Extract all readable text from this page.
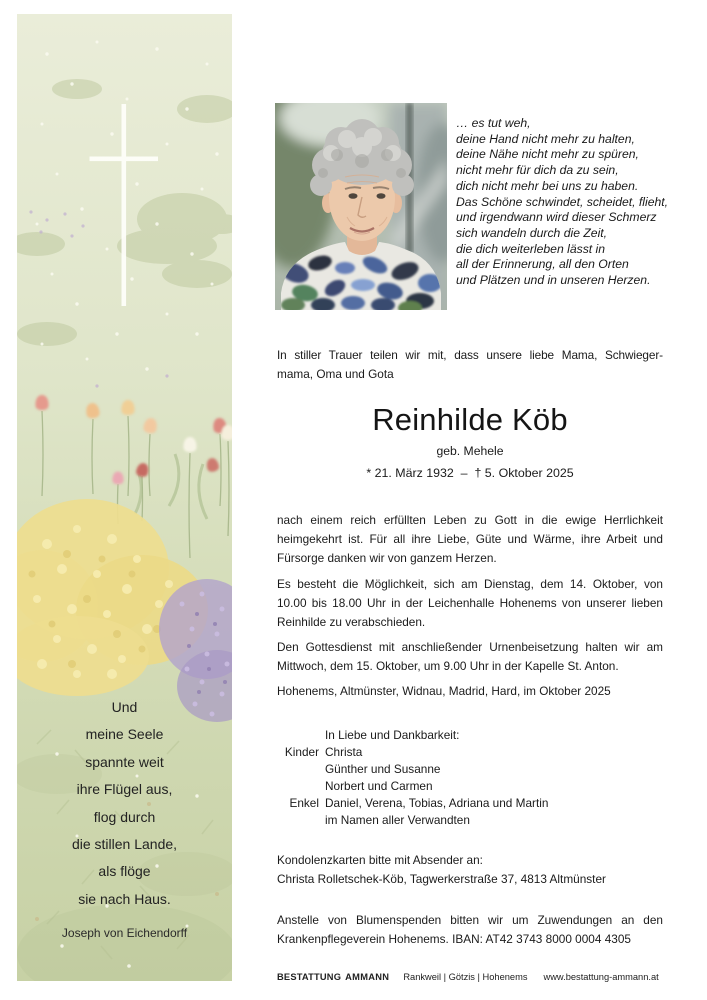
Und
meine Seele
spannte weit
ihre Flügel aus,
flog durch
die stillen Lande,
als flöge
sie nach Haus.
Joseph von Eichendorff
… es tut weh,
deine Hand nicht mehr zu halten,
deine Nähe nicht mehr zu spüren,
nicht mehr für dich da zu sein,
dich nicht mehr bei uns zu haben.
Das Schöne schwindet, scheidet, flieht,
und irgendwann wird dieser Schmerz
sich wandeln durch die Zeit,
die dich weiterleben lässt in
all der Erinnerung, all den Orten
und Plätzen und in unseren Herzen.
In stiller Trauer teilen wir mit, dass unsere liebe Mama, Schwieger-
mama, Oma und Gota
Reinhilde Köb
geb. Mehele
* 21. März 1932  –  † 5. Oktober 2025

nach einem reich erfüllten Leben zu Gott in die ewige Herrlichkeit heimgekehrt ist. Für all ihre Liebe, Güte und Wärme, ihre Arbeit und Fürsorge danken wir von ganzem Herzen.

Es besteht die Möglichkeit, sich am Dienstag, dem 14. Oktober, von 10.00 bis 18.00 Uhr in der Leichenhalle Hohenems von unserer lieben Reinhilde zu verabschieden.

Den Gottesdienst mit anschließender Urnenbeisetzung halten wir am Mittwoch, dem 15. Oktober, um 9.00 Uhr in der Kapelle St. Anton.

Hohenems, Altmünster, Widnau, Madrid, Hard, im Oktober 2025
In Liebe und Dankbarkeit:
Kinder Christa
Günther und Susanne
Norbert und Carmen
Enkel Daniel, Verena, Tobias, Adriana und Martin
im Namen aller Verwandten
Kondolenzkarten bitte mit Absender an:
Christa Rolletschek-Köb, Tagwerkerstraße 37, 4813 Altmünster
Anstelle von Blumenspenden bitten wir um Zuwendungen an den Krankenpflegeverein Hohenems. IBAN: AT42 3743 8000 0004 4305
BESTATTUNG AMMANN Rankweil | Götzis | Hohenems www.bestattung-ammann.at
